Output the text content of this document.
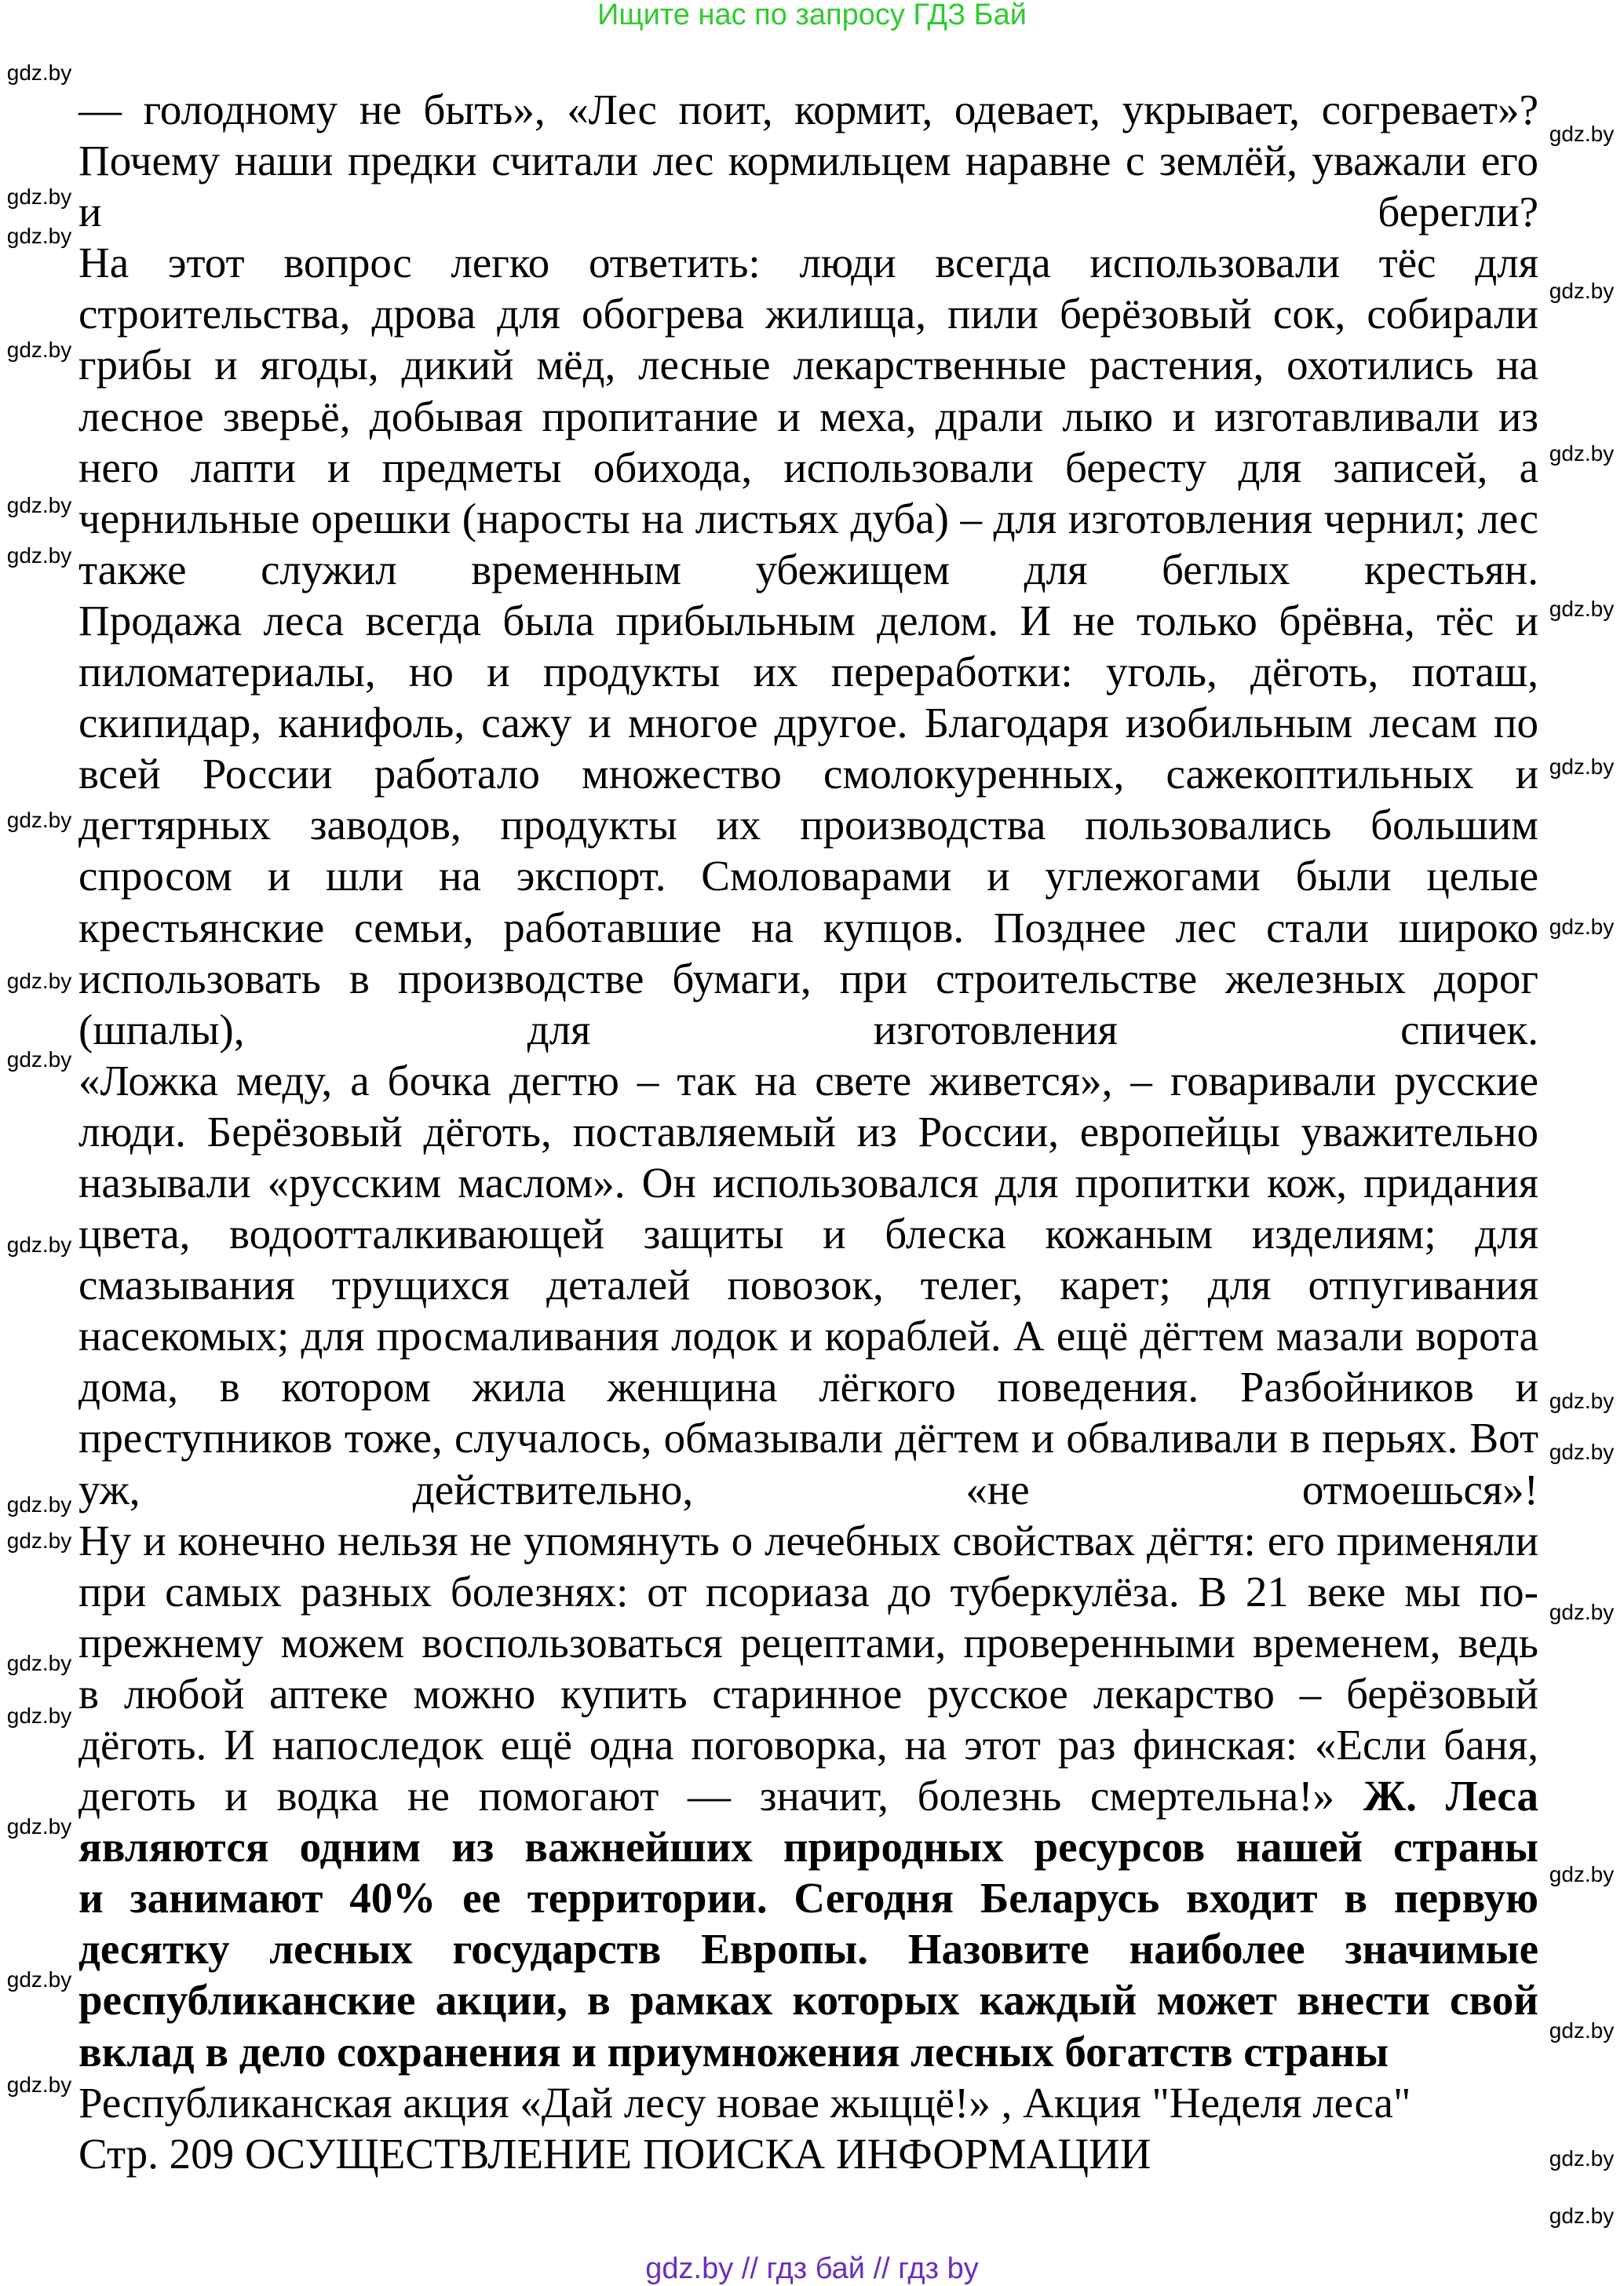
Ищите нас по запросу ГДЗ Бай
— голодному не быть», «Лес поит, кормит, одевает, укрывает, согревает»?
Почему наши предки считали лес кормильцем наравне с землёй, уважали его
и берегли?
На этот вопрос легко ответить: люди всегда использовали тёс для
строительства, дрова для обогрева жилища, пили берёзовый сок, собирали
грибы и ягоды, дикий мёд, лесные лекарственные растения, охотились на
лесное зверьё, добывая пропитание и меха, драли лыко и изготавливали из
него лапти и предметы обихода, использовали бересту для записей, а
чернильные орешки (наросты на листьях дуба) – для изготовления чернил; лес
также служил временным убежищем для беглых крестьян.
Продажа леса всегда была прибыльным делом. И не только брёвна, тёс и
пиломатериалы, но и продукты их переработки: уголь, дёготь, поташ,
скипидар, канифоль, сажу и многое другое. Благодаря изобильным лесам по
всей России работало множество смолокуренных, сажекоптильных и
дегтярных заводов, продукты их производства пользовались большим
спросом и шли на экспорт. Смоловарами и углежогами были целые
крестьянские семьи, работавшие на купцов. Позднее лес стали широко
использовать в производстве бумаги, при строительстве железных дорог
(шпалы), для изготовления спичек.
«Ложка меду, а бочка дегтю – так на свете живется», – говаривали русские
люди. Берёзовый дёготь, поставляемый из России, европейцы уважительно
называли «русским маслом». Он использовался для пропитки кож, придания
цвета, водоотталкивающей защиты и блеска кожаным изделиям; для
смазывания трущихся деталей повозок, телег, карет; для отпугивания
насекомых; для просмаливания лодок и кораблей. А ещё дёгтем мазали ворота
дома, в котором жила женщина лёгкого поведения. Разбойников и
преступников тоже, случалось, обмазывали дёгтем и обваливали в перьях. Вот
уж, действительно, «не отмоешься»!
Ну и конечно нельзя не упомянуть о лечебных свойствах дёгтя: его применяли
при самых разных болезнях: от псориаза до туберкулёза. В 21 веке мы по-
прежнему можем воспользоваться рецептами, проверенными временем, ведь
в любой аптеке можно купить старинное русское лекарство – берёзовый
дёготь. И напоследок ещё одна поговорка, на этот раз финская: «Если баня,
деготь и водка не помогают — значит, болезнь смертельна!» Ж. Леса
являются одним из важнейших природных ресурсов нашей страны
и занимают 40% ее территории. Сегодня Беларусь входит в первую
десятку лесных государств Европы. Назовите наиболее значимые
республиканские акции, в рамках которых каждый может внести свой
вклад в дело сохранения и приумножения лесных богатств страны
Республиканская акция «Дай лесу новае жыццё!» , Акция "Неделя леса"
Стр. 209 ОСУЩЕСТВЛЕНИЕ ПОИСКА ИНФОРМАЦИИ
gdz.by
gdz.by
gdz.by
gdz.by
gdz.by
gdz.by
gdz.by
gdz.by
gdz.by
gdz.by
gdz.by
gdz.by
gdz.by
gdz.by
gdz.by
gdz.by
gdz.by
gdz.by
gdz.by
gdz.by
gdz.by
gdz.by
gdz.by
gdz.by
gdz.by
gdz.by
gdz.by
gdz.by
gdz.by
gdz.by
gdz.by // гдз бай // гдз by
